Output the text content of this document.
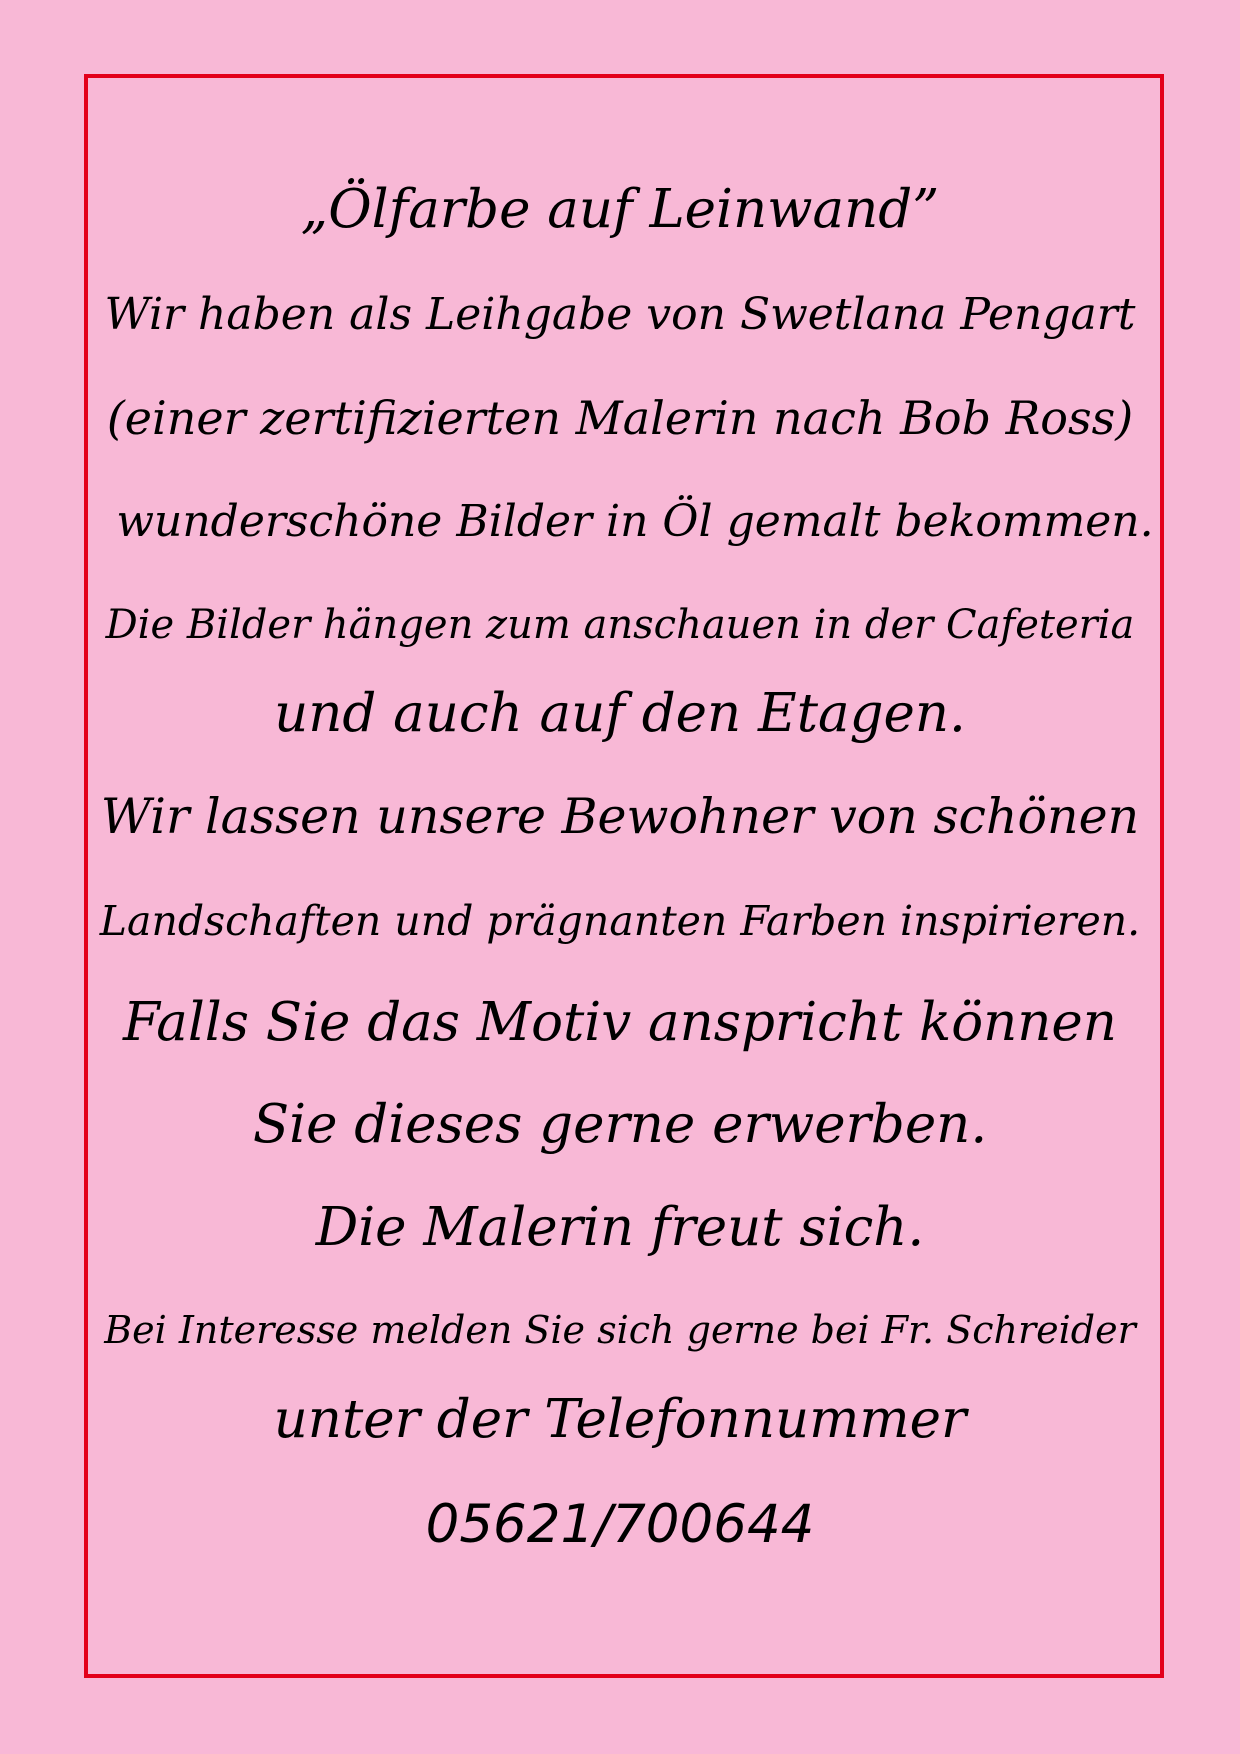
„Ölfarbe auf Leinwand”
Wir haben als Leihgabe von Swetlana Pengart
(einer zertifizierten Malerin nach Bob Ross)
wunderschöne Bilder in Öl gemalt bekommen.
Die Bilder hängen zum anschauen in der Cafeteria
und auch auf den Etagen.
Wir lassen unsere Bewohner von schönen
Landschaften und prägnanten Farben inspirieren.
Falls Sie das Motiv anspricht können
Sie dieses gerne erwerben.
Die Malerin freut sich.
Bei Interesse melden Sie sich gerne bei Fr. Schreider
unter der Telefonnummer
05621/700644
